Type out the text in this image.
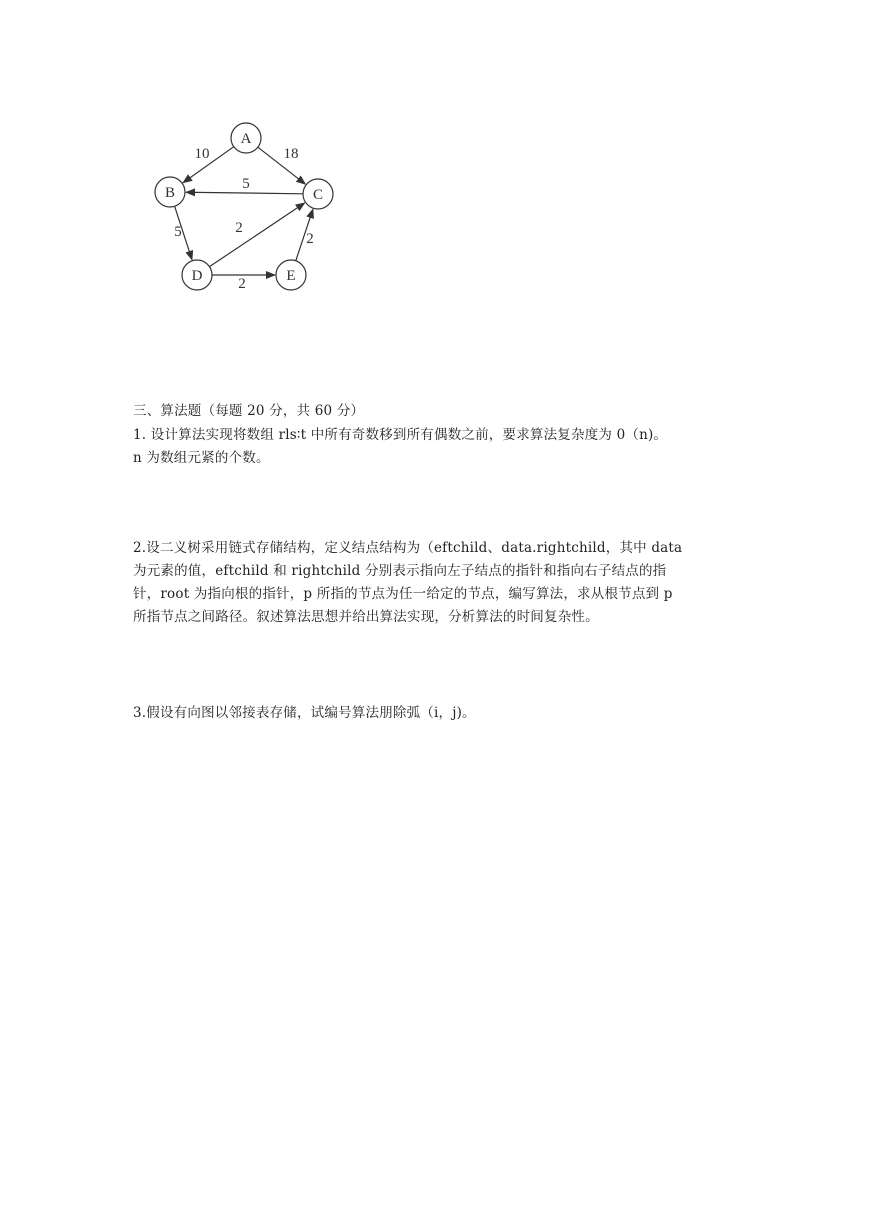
10	18
5
5	2
2
2
A
B	C
D	E

三、算法题（每题 20 分，共 60 分）

1. 设计算法实现将数组 rls∶t 中所有奇数移到所有偶数之前，要求算法复杂度为 0（n)。

n 为数组元紧的个数。

2.设二义树采用链式存储结构，定义结点结构为（eftchild、data.rightchild，其中 data

为元素的值，eftchild 和 rightchild 分别表示指向左子结点的指针和指向右子结点的指

针，root 为指向根的指针，p 所指的节点为任一给定的节点，编写算法，求从根节点到 p

所指节点之间路径。叙述算法思想并给出算法实现，分析算法的时间复杂性。

3.假设有向图以邻接表存储，试编号算法朋除弧（i，j)。
